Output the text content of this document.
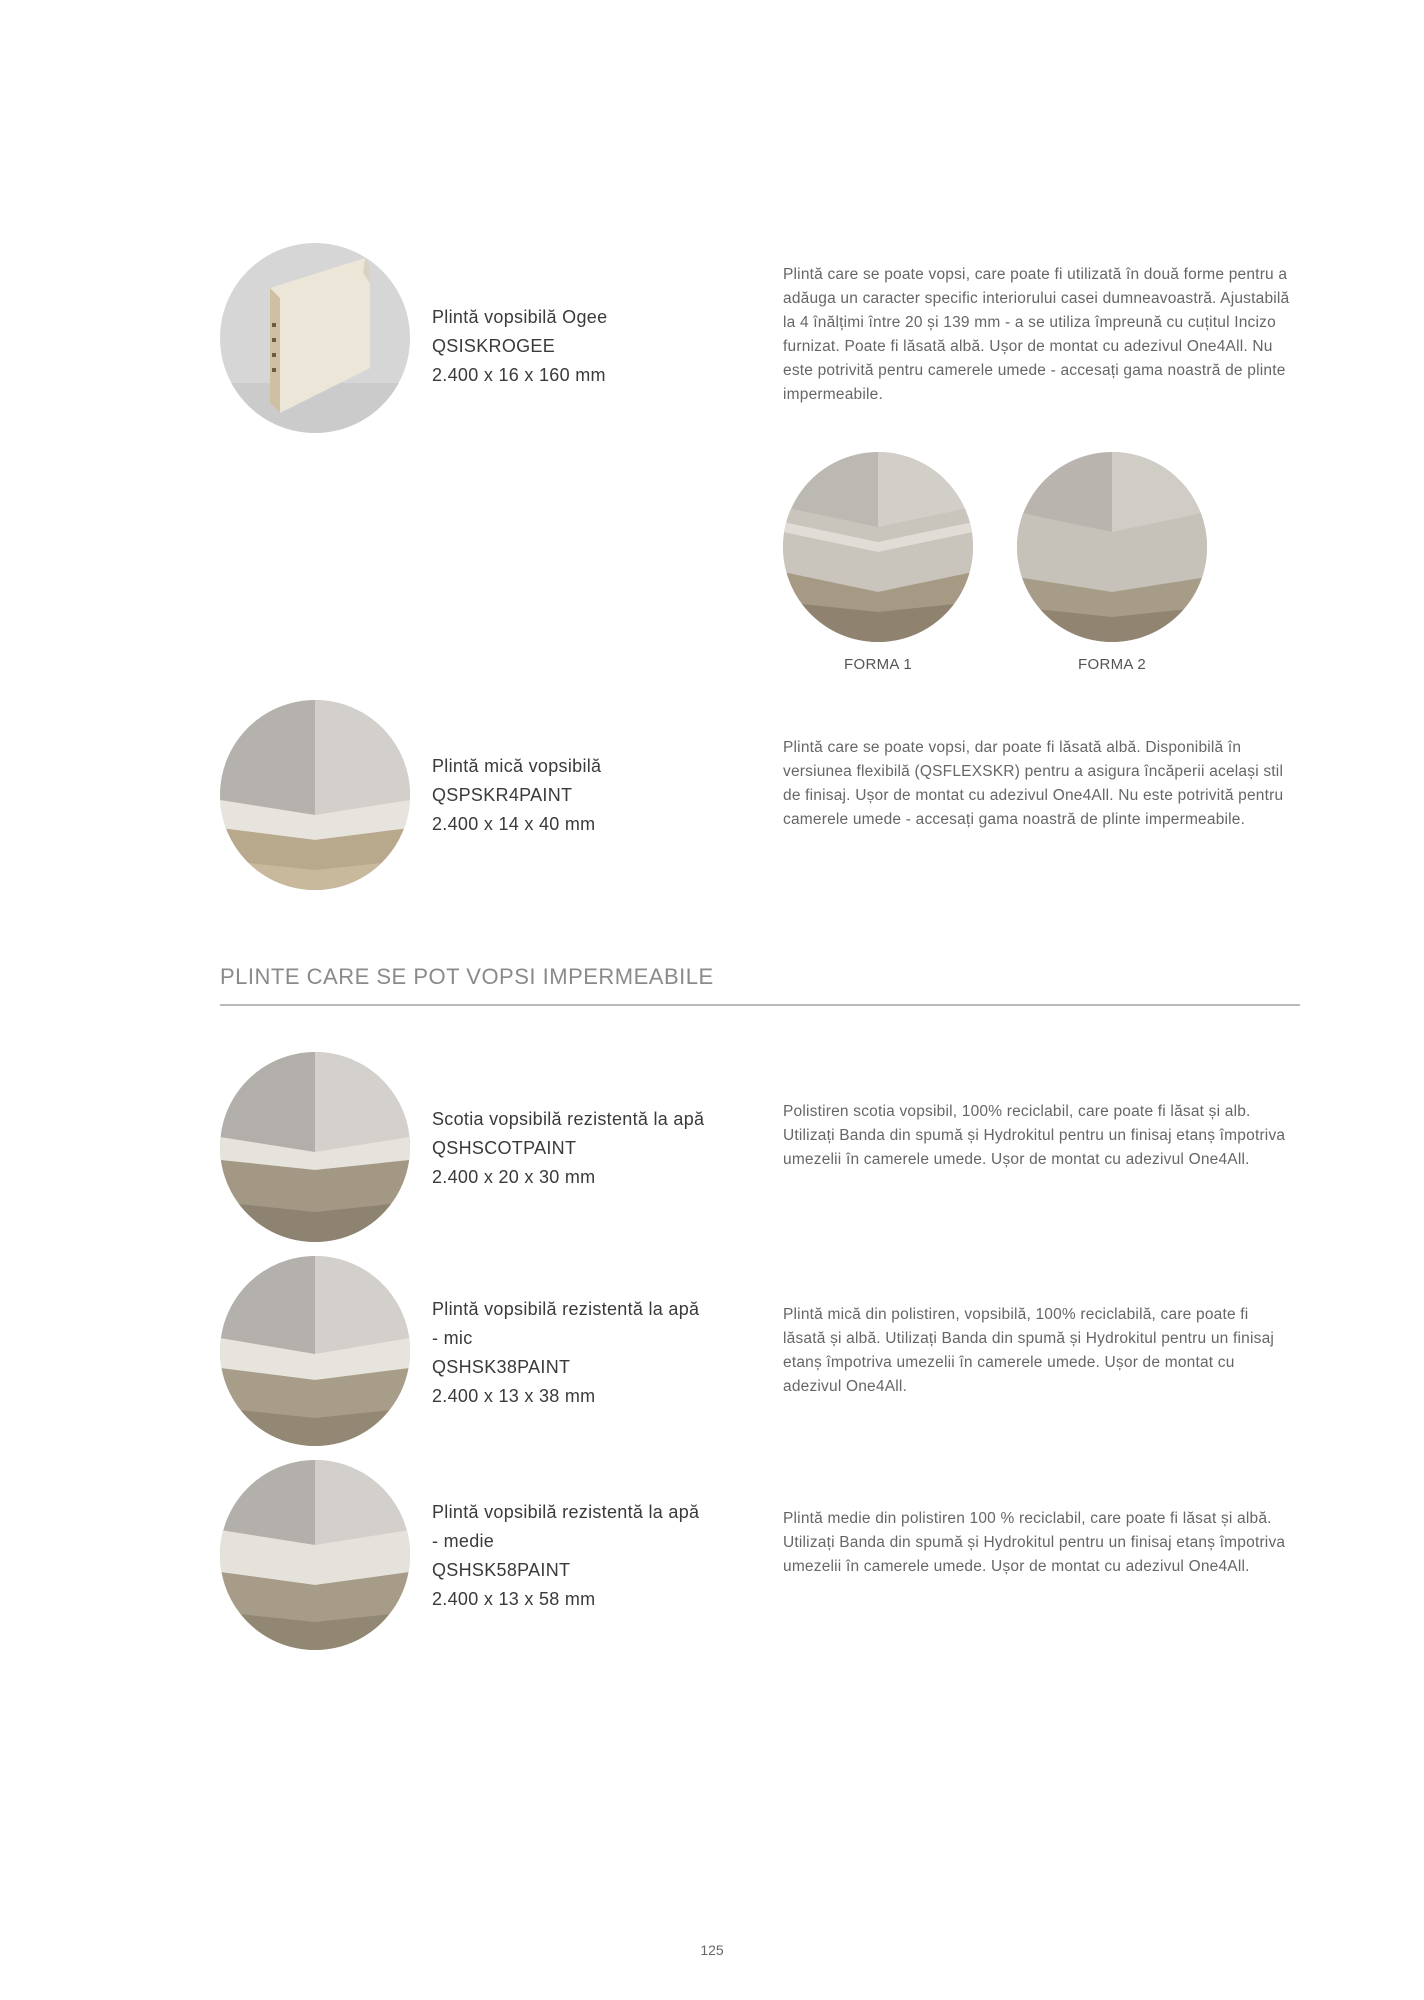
Plintă vopsibilă Ogee
QSISKROGEE
2.400 x 16 x 160 mm
Plintă care se poate vopsi, care poate fi utilizată în două forme pentru a adăuga un caracter specific interiorului casei dumneavoastră. Ajustabilă la 4 înălțimi între 20 și 139 mm - a se utiliza împreună cu cuțitul Incizo furnizat. Poate fi lăsată albă. Ușor de montat cu adezivul One4All. Nu este potrivită pentru camerele umede - accesați gama noastră de plinte impermeabile.
FORMA 1	FORMA 2
Plintă mică vopsibilă
QSPSKR4PAINT
2.400 x 14 x 40 mm
Plintă care se poate vopsi, dar poate fi lăsată albă. Disponibilă în versiunea flexibilă (QSFLEXSKR) pentru a asigura încăperii același stil de finisaj. Ușor de montat cu adezivul One4All. Nu este potrivită pentru camerele umede - accesați gama noastră de plinte impermeabile.
PLINTE CARE SE POT VOPSI IMPERMEABILE
Scotia vopsibilă rezistentă la apă
QSHSCOTPAINT
2.400 x 20 x 30 mm
Polistiren scotia vopsibil, 100% reciclabil, care poate fi lăsat și alb. Utilizați Banda din spumă și Hydrokitul pentru un finisaj etanș împotriva umezelii în camerele umede. Ușor de montat cu adezivul One4All.
Plintă vopsibilă rezistentă la apă
- mic
QSHSK38PAINT
2.400 x 13 x 38 mm
Plintă mică din polistiren, vopsibilă, 100% reciclabilă, care poate fi lăsată și albă. Utilizați Banda din spumă și Hydrokitul pentru un finisaj etanș împotriva umezelii în camerele umede. Ușor de montat cu adezivul One4All.
Plintă vopsibilă rezistentă la apă
- medie
QSHSK58PAINT
2.400 x 13 x 58 mm
Plintă medie din polistiren 100 % reciclabil, care poate fi lăsat și albă. Utilizați Banda din spumă și Hydrokitul pentru un finisaj etanș împotriva umezelii în camerele umede. Ușor de montat cu adezivul One4All.
125
